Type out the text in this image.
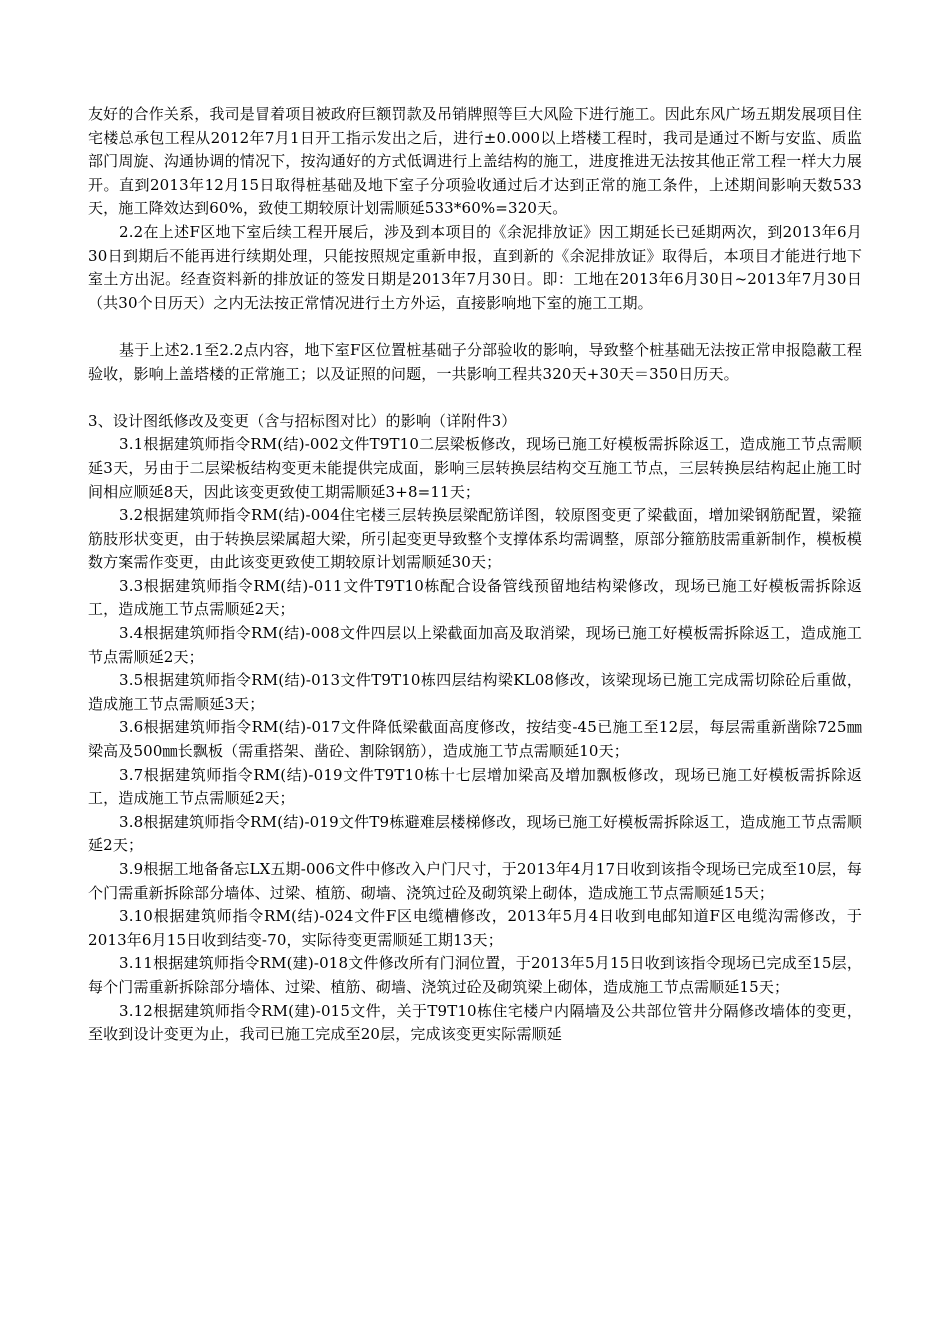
友好的合作关系，我司是冒着项目被政府巨额罚款及吊销牌照等巨大风险下进行施工。因此东风广场五期发展项目住宅楼总承包工程从2012年7月1日开工指示发出之后，进行±0.000以上塔楼工程时，我司是通过不断与安监、质监部门周旋、沟通协调的情况下，按沟通好的方式低调进行上盖结构的施工，进度推进无法按其他正常工程一样大力展开。直到2013年12月15日取得桩基础及地下室子分项验收通过后才达到正常的施工条件，上述期间影响天数533天，施工降效达到60%，致使工期较原计划需顺延533*60%=320天。

2.2在上述F区地下室后续工程开展后，涉及到本项目的《余泥排放证》因工期延长已延期两次，到2013年6月30日到期后不能再进行续期处理，只能按照规定重新申报，直到新的《余泥排放证》取得后，本项目才能进行地下室土方出泥。经查资料新的排放证的签发日期是2013年7月30日。即：工地在2013年6月30日~2013年7月30日（共30个日历天）之内无法按正常情况进行土方外运，直接影响地下室的施工工期。

基于上述2.1至2.2点内容，地下室F区位置桩基础子分部验收的影响，导致整个桩基础无法按正常申报隐蔽工程验收，影响上盖塔楼的正常施工；以及证照的问题，一共影响工程共320天+30天＝350日历天。

3、设计图纸修改及变更（含与招标图对比）的影响（详附件3）

3.1根据建筑师指令RM(结)-002文件T9T10二层梁板修改，现场已施工好模板需拆除返工，造成施工节点需顺延3天，另由于二层梁板结构变更未能提供完成面，影响三层转换层结构交互施工节点，三层转换层结构起止施工时间相应顺延8天，因此该变更致使工期需顺延3+8=11天；

3.2根据建筑师指令RM(结)-004住宅楼三层转换层梁配筋详图，较原图变更了梁截面，增加梁钢筋配置，梁箍筋肢形状变更，由于转换层梁属超大梁，所引起变更导致整个支撑体系均需调整，原部分箍筋肢需重新制作，模板模数方案需作变更，由此该变更致使工期较原计划需顺延30天；

3.3根据建筑师指令RM(结)-011文件T9T10栋配合设备管线预留地结构梁修改，现场已施工好模板需拆除返工，造成施工节点需顺延2天；

3.4根据建筑师指令RM(结)-008文件四层以上梁截面加高及取消梁，现场已施工好模板需拆除返工，造成施工节点需顺延2天；

3.5根据建筑师指令RM(结)-013文件T9T10栋四层结构梁KL08修改，该梁现场已施工完成需切除砼后重做，造成施工节点需顺延3天；

3.6根据建筑师指令RM(结)-017文件降低梁截面高度修改，按结变-45已施工至12层，每层需重新凿除725㎜梁高及500㎜长飘板（需重搭架、凿砼、割除钢筋），造成施工节点需顺延10天；

3.7根据建筑师指令RM(结)-019文件T9T10栋十七层增加梁高及增加飘板修改，现场已施工好模板需拆除返工，造成施工节点需顺延2天；

3.8根据建筑师指令RM(结)-019文件T9栋避难层楼梯修改，现场已施工好模板需拆除返工，造成施工节点需顺延2天；

3.9根据工地备备忘LX五期-006文件中修改入户门尺寸，于2013年4月17日收到该指令现场已完成至10层，每个门需重新拆除部分墙体、过梁、植筋、砌墙、浇筑过砼及砌筑梁上砌体，造成施工节点需顺延15天；

3.10根据建筑师指令RM(结)-024文件F区电缆槽修改，2013年5月4日收到电邮知道F区电缆沟需修改，于2013年6月15日收到结变-70，实际待变更需顺延工期13天；

3.11根据建筑师指令RM(建)-018文件修改所有门洞位置，于2013年5月15日收到该指令现场已完成至15层，每个门需重新拆除部分墙体、过梁、植筋、砌墙、浇筑过砼及砌筑梁上砌体，造成施工节点需顺延15天；

3.12根据建筑师指令RM(建)-015文件，关于T9T10栋住宅楼户内隔墙及公共部位管井分隔修改墙体的变更，至收到设计变更为止，我司已施工完成至20层，完成该变更实际需顺延
